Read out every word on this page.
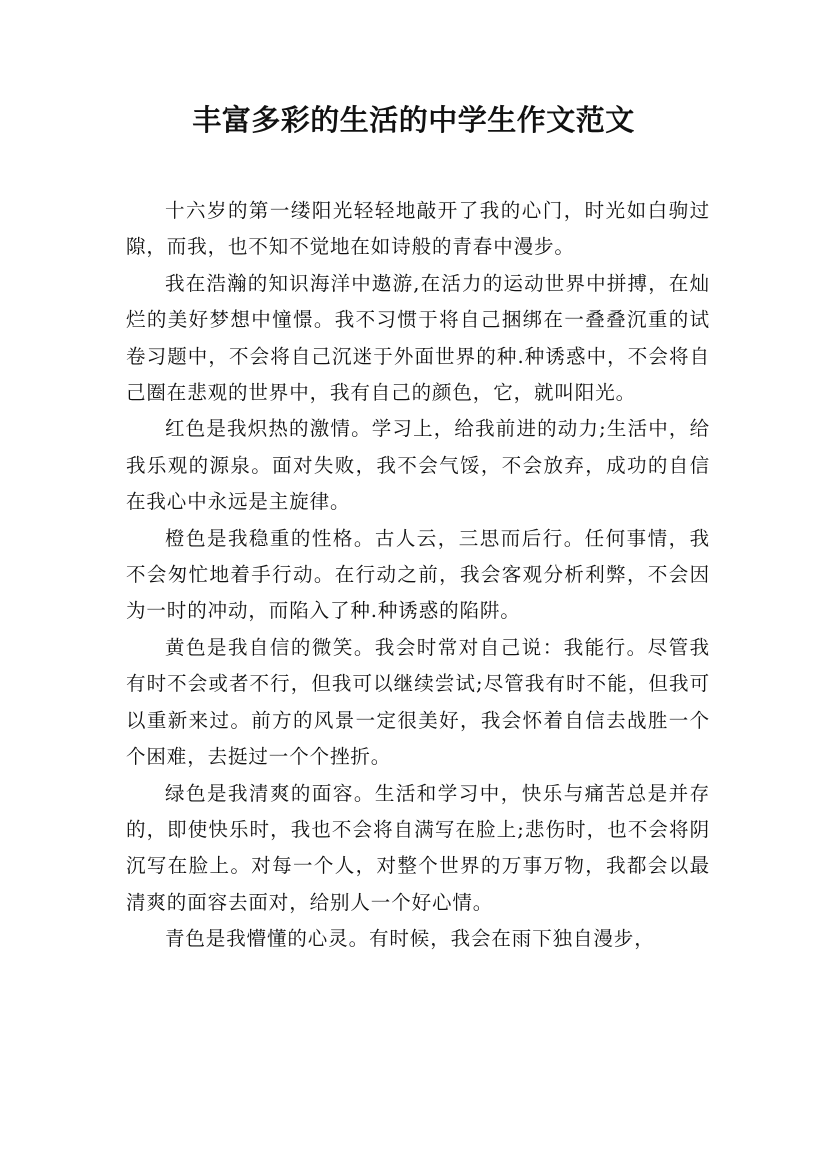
丰富多彩的生活的中学生作文范文

十六岁的第一缕阳光轻轻地敲开了我的心门，时光如白驹过隙，而我，也不知不觉地在如诗般的青春中漫步。

我在浩瀚的知识海洋中遨游,在活力的运动世界中拼搏，在灿烂的美好梦想中憧憬。我不习惯于将自己捆绑在一叠叠沉重的试卷习题中，不会将自己沉迷于外面世界的种.种诱惑中，不会将自己圈在悲观的世界中，我有自己的颜色，它，就叫阳光。

红色是我炽热的激情。学习上，给我前进的动力;生活中，给我乐观的源泉。面对失败，我不会气馁，不会放弃，成功的自信在我心中永远是主旋律。

橙色是我稳重的性格。古人云，三思而后行。任何事情，我不会匆忙地着手行动。在行动之前，我会客观分析利弊，不会因为一时的冲动，而陷入了种.种诱惑的陷阱。

黄色是我自信的微笑。我会时常对自己说：我能行。尽管我有时不会或者不行，但我可以继续尝试;尽管我有时不能，但我可以重新来过。前方的风景一定很美好，我会怀着自信去战胜一个个困难，去挺过一个个挫折。

绿色是我清爽的面容。生活和学习中，快乐与痛苦总是并存的，即使快乐时，我也不会将自满写在脸上;悲伤时，也不会将阴沉写在脸上。对每一个人，对整个世界的万事万物，我都会以最清爽的面容去面对，给别人一个好心情。

青色是我懵懂的心灵。有时候，我会在雨下独自漫步，
